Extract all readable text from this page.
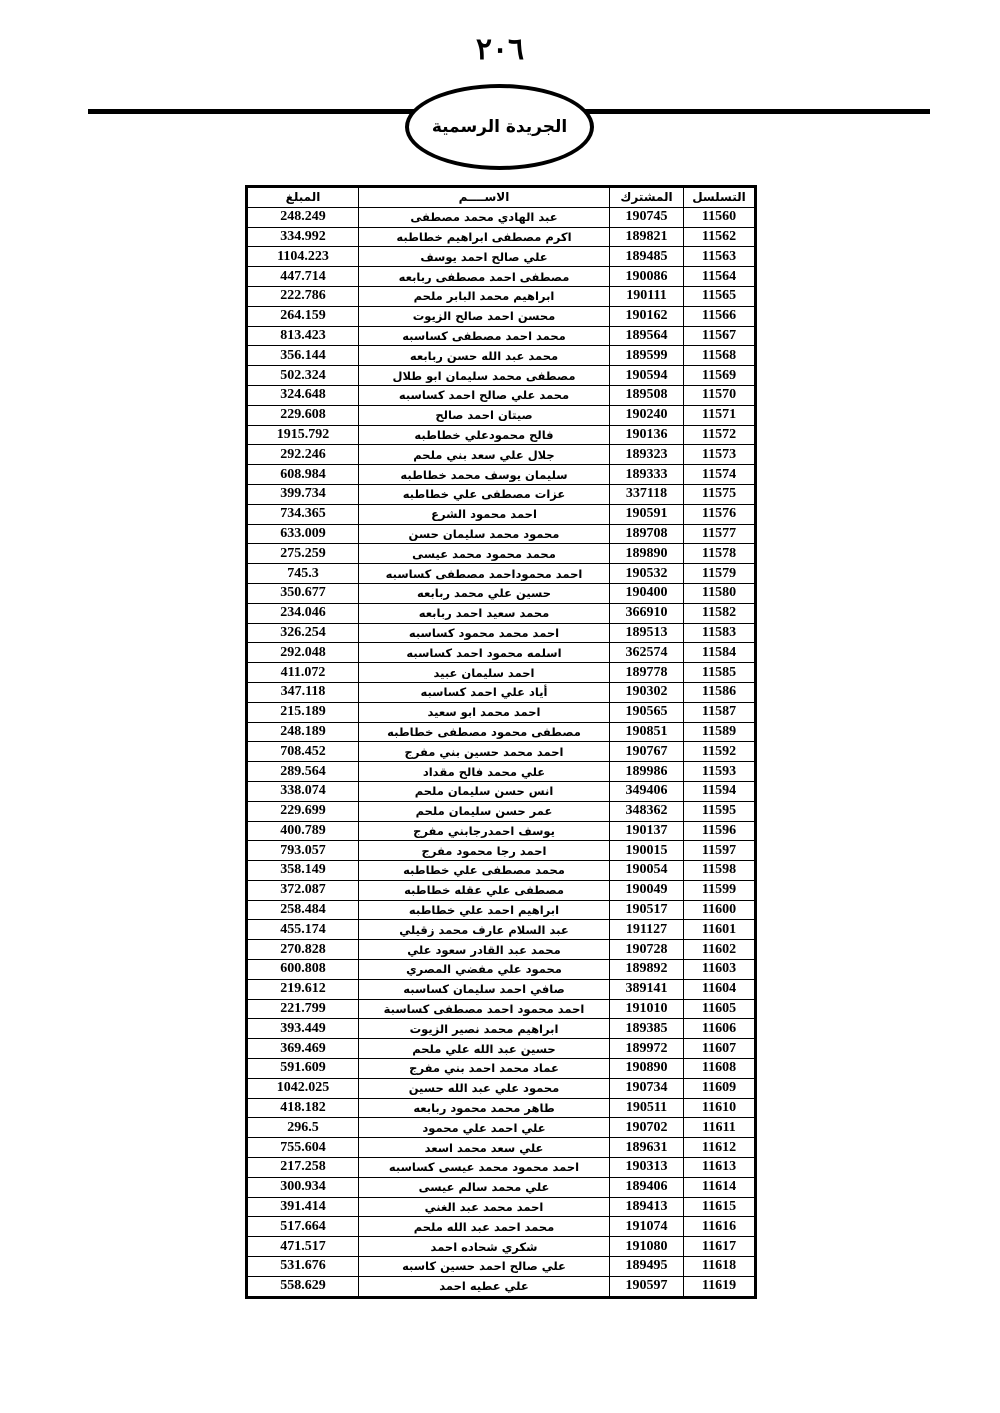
٢٠٦
الجريدة الرسمية
التسلسل	المشترك	الاســــم	المبلغ
11560	190745	عبد الهادي محمد مصطفى	248.249
11562	189821	اكرم مصطفى ابراهيم خطاطبه	334.992
11563	189485	علي صالح احمد يوسف	1104.223
11564	190086	مصطفى احمد مصطفى ربابعه	447.714
11565	190111	ابراهيم محمد البابر ملحم	222.786
11566	190162	محسن احمد صالح الزيوت	264.159
11567	189564	محمد احمد مصطفى كساسبه	813.423
11568	189599	محمد عبد الله حسن ربابعه	356.144
11569	190594	مصطفى محمد سليمان ابو طلال	502.324
11570	189508	محمد علي صالح احمد كساسبه	324.648
11571	190240	صيتان احمد صالح	229.608
11572	190136	فالح محمودعلي خطاطبه	1915.792
11573	189323	جلال علي سعد بني ملحم	292.246
11574	189333	سليمان يوسف محمد خطاطبه	608.984
11575	337118	عزات مصطفى علي خطاطبه	399.734
11576	190591	احمد محمود الشرع	734.365
11577	189708	محمود محمد سليمان حسن	633.009
11578	189890	محمد محمود محمد عيسى	275.259
11579	190532	احمد محموداحمد مصطفى كساسبه	745.3
11580	190400	حسين علي محمد ربابعه	350.677
11582	366910	محمد سعيد احمد ربابعه	234.046
11583	189513	احمد محمد محمود كساسبه	326.254
11584	362574	اسلمه محمود احمد كساسبه	292.048
11585	189778	احمد سليمان عبيد	411.072
11586	190302	أياد علي احمد كساسبه	347.118
11587	190565	احمد محمد ابو سعيد	215.189
11589	190851	مصطفى محمود مصطفى خطاطبه	248.189
11592	190767	احمد محمد حسين بني مفرج	708.452
11593	189986	علي محمد فالح مقداد	289.564
11594	349406	انس حسن سليمان ملحم	338.074
11595	348362	عمر حسن سليمان ملحم	229.699
11596	190137	يوسف احمدرجابني مفرج	400.789
11597	190015	احمد رجا محمود مفرج	793.057
11598	190054	محمد مصطفى علي خطاطبه	358.149
11599	190049	مصطفى علي عقله خطاطبه	372.087
11600	190517	ابراهيم احمد علي خطاطبه	258.484
11601	191127	عبد السلام عارف محمد زقيلي	455.174
11602	190728	محمد عبد القادر سعود علي	270.828
11603	189892	محمود علي مفضي المصري	600.808
11604	389141	صافي احمد سليمان كساسبه	219.612
11605	191010	احمد محمود احمد مصطفى كساسبة	221.799
11606	189385	ابراهيم محمد نصير الزيوت	393.449
11607	189972	حسين عبد الله علي ملحم	369.469
11608	190890	عماد محمد احمد بني مفرج	591.609
11609	190734	محمود علي عبد الله حسين	1042.025
11610	190511	طاهر محمد محمود ربابعه	418.182
11611	190702	علي احمد علي محمود	296.5
11612	189631	علي سعد محمد اسعد	755.604
11613	190313	احمد محمود محمد عيسى كساسبه	217.258
11614	189406	علي محمد سالم عيسى	300.934
11615	189413	احمد محمد عبد الغني	391.414
11616	191074	محمد احمد عبد الله ملحم	517.664
11617	191080	شكري شحاده احمد	471.517
11618	189495	علي صالح احمد حسين كاسبه	531.676
11619	190597	علي عطيه احمد	558.629
